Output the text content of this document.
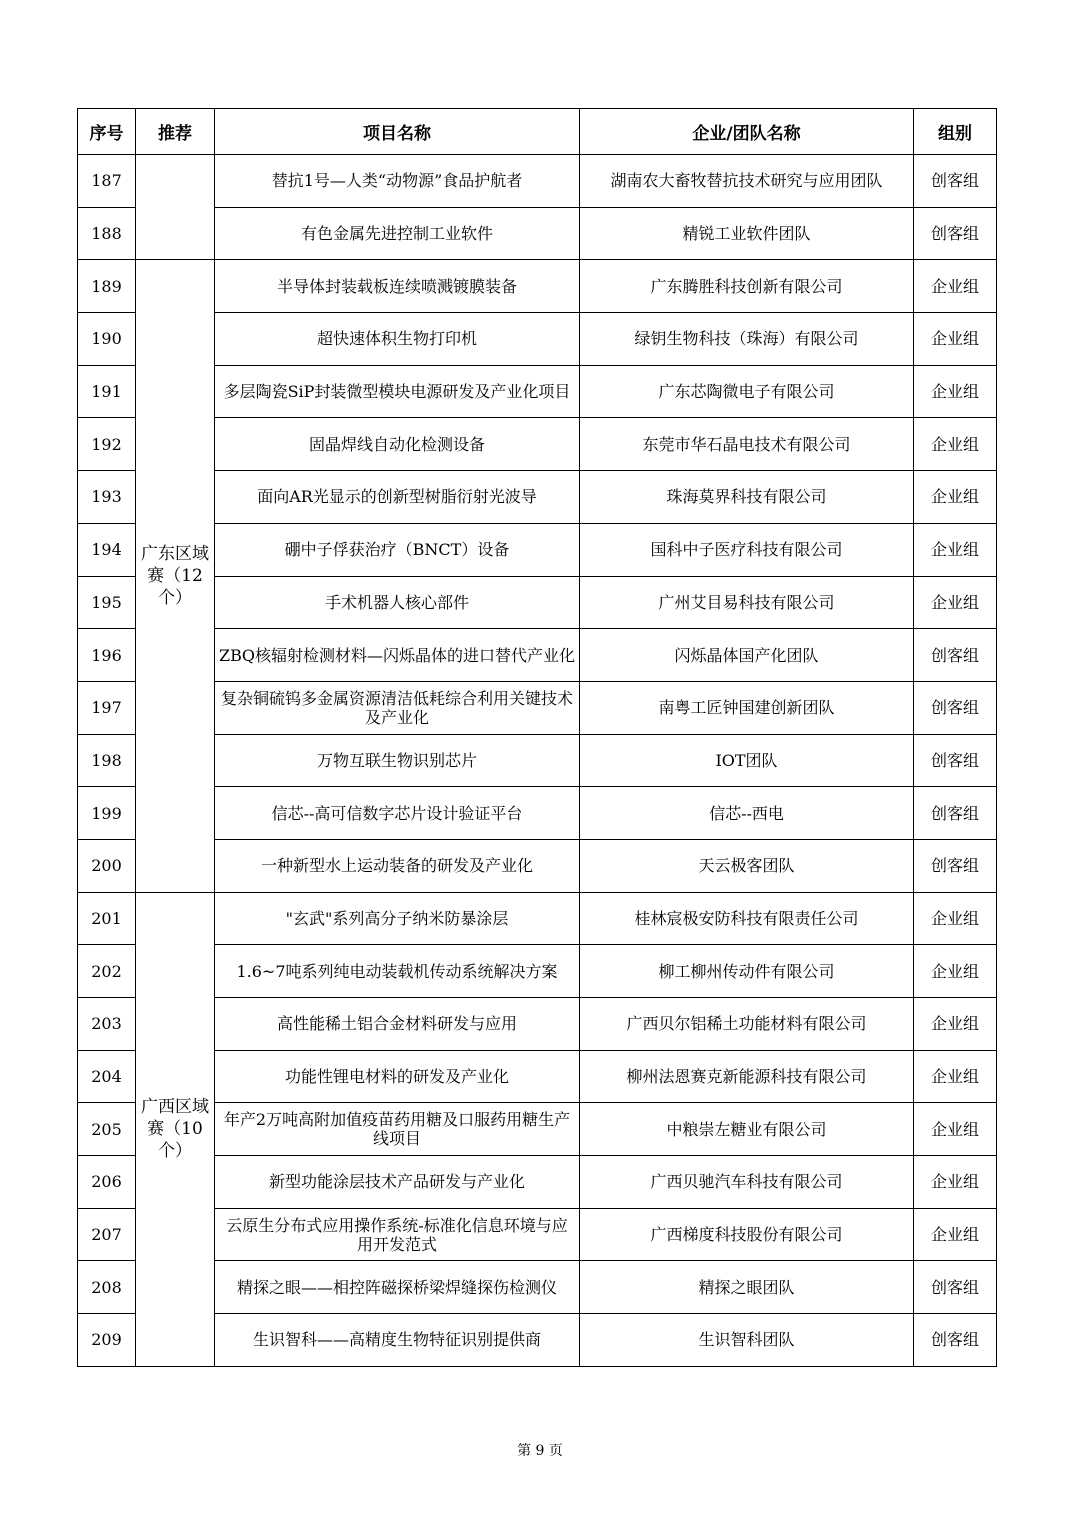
序号	推荐	项目名称	企业/团队名称	组别
187		替抗1号—人类“动物源”食品护航者	湖南农大畜牧替抗技术研究与应用团队	创客组
188		有色金属先进控制工业软件	精锐工业软件团队	创客组
189	广东区域赛（12个）	半导体封装载板连续喷溅镀膜装备	广东腾胜科技创新有限公司	企业组
190		超快速体积生物打印机	绿钥生物科技（珠海）有限公司	企业组
191		多层陶瓷SiP封装微型模块电源研发及产业化项目	广东芯陶微电子有限公司	企业组
192		固晶焊线自动化检测设备	东莞市华石晶电技术有限公司	企业组
193		面向AR光显示的创新型树脂衍射光波导	珠海莫界科技有限公司	企业组
194		硼中子俘获治疗（BNCT）设备	国科中子医疗科技有限公司	企业组
195		手术机器人核心部件	广州艾目易科技有限公司	企业组
196		ZBQ核辐射检测材料—闪烁晶体的进口替代产业化	闪烁晶体国产化团队	创客组
197		复杂铜硫钨多金属资源清洁低耗综合利用关键技术及产业化	南粤工匠钟国建创新团队	创客组
198		万物互联生物识别芯片	IOT团队	创客组
199		信芯--高可信数字芯片设计验证平台	信芯--西电	创客组
200		一种新型水上运动装备的研发及产业化	天云极客团队	创客组
201	广西区域赛（10个）	"玄武"系列高分子纳米防暴涂层	桂林宸极安防科技有限责任公司	企业组
202		1.6~7吨系列纯电动装载机传动系统解决方案	柳工柳州传动件有限公司	企业组
203		高性能稀土铝合金材料研发与应用	广西贝尔铝稀土功能材料有限公司	企业组
204		功能性锂电材料的研发及产业化	柳州法恩赛克新能源科技有限公司	企业组
205		年产2万吨高附加值疫苗药用糖及口服药用糖生产线项目	中粮崇左糖业有限公司	企业组
206		新型功能涂层技术产品研发与产业化	广西贝驰汽车科技有限公司	企业组
207		云原生分布式应用操作系统-标准化信息环境与应用开发范式	广西梯度科技股份有限公司	企业组
208		精探之眼——相控阵磁探桥梁焊缝探伤检测仪	精探之眼团队	创客组
209		生识智科——高精度生物特征识别提供商	生识智科团队	创客组
第 9 页
